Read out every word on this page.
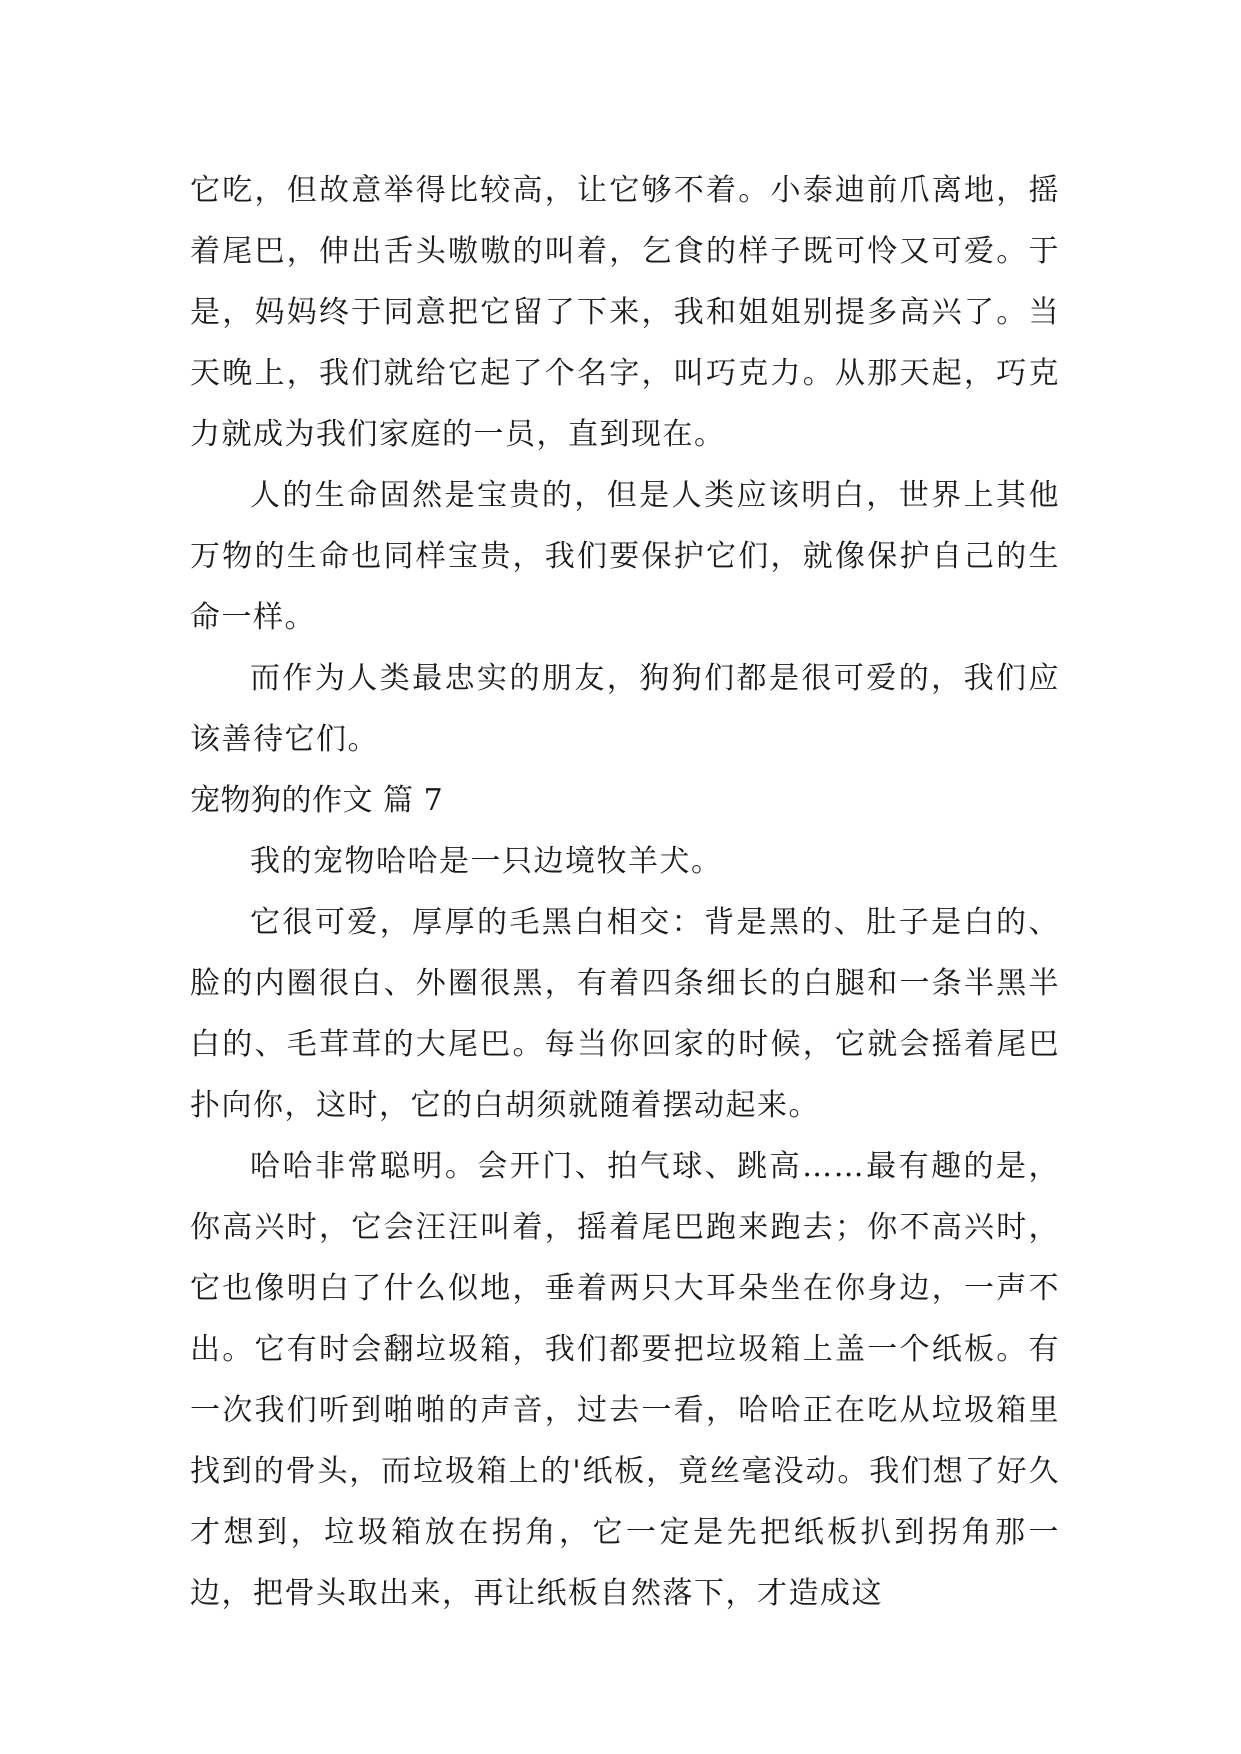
它吃，但故意举得比较高，让它够不着。小泰迪前爪离地，摇着尾巴，伸出舌头嗷嗷的叫着，乞食的样子既可怜又可爱。于是，妈妈终于同意把它留了下来，我和姐姐别提多高兴了。当天晚上，我们就给它起了个名字，叫巧克力。从那天起，巧克力就成为我们家庭的一员，直到现在。

人的生命固然是宝贵的，但是人类应该明白，世界上其他万物的生命也同样宝贵，我们要保护它们，就像保护自己的生命一样。

而作为人类最忠实的朋友，狗狗们都是很可爱的，我们应该善待它们。

宠物狗的作文 篇 7

我的宠物哈哈是一只边境牧羊犬。

它很可爱，厚厚的毛黑白相交：背是黑的、肚子是白的、脸的内圈很白、外圈很黑，有着四条细长的白腿和一条半黑半白的、毛茸茸的大尾巴。每当你回家的时候，它就会摇着尾巴扑向你，这时，它的白胡须就随着摆动起来。

哈哈非常聪明。会开门、拍气球、跳高……最有趣的是，你高兴时，它会汪汪叫着，摇着尾巴跑来跑去；你不高兴时，它也像明白了什么似地，垂着两只大耳朵坐在你身边，一声不出。它有时会翻垃圾箱，我们都要把垃圾箱上盖一个纸板。有一次我们听到啪啪的声音，过去一看，哈哈正在吃从垃圾箱里找到的骨头，而垃圾箱上的'纸板，竟丝毫没动。我们想了好久才想到，垃圾箱放在拐角，它一定是先把纸板扒到拐角那一边，把骨头取出来，再让纸板自然落下，才造成这
